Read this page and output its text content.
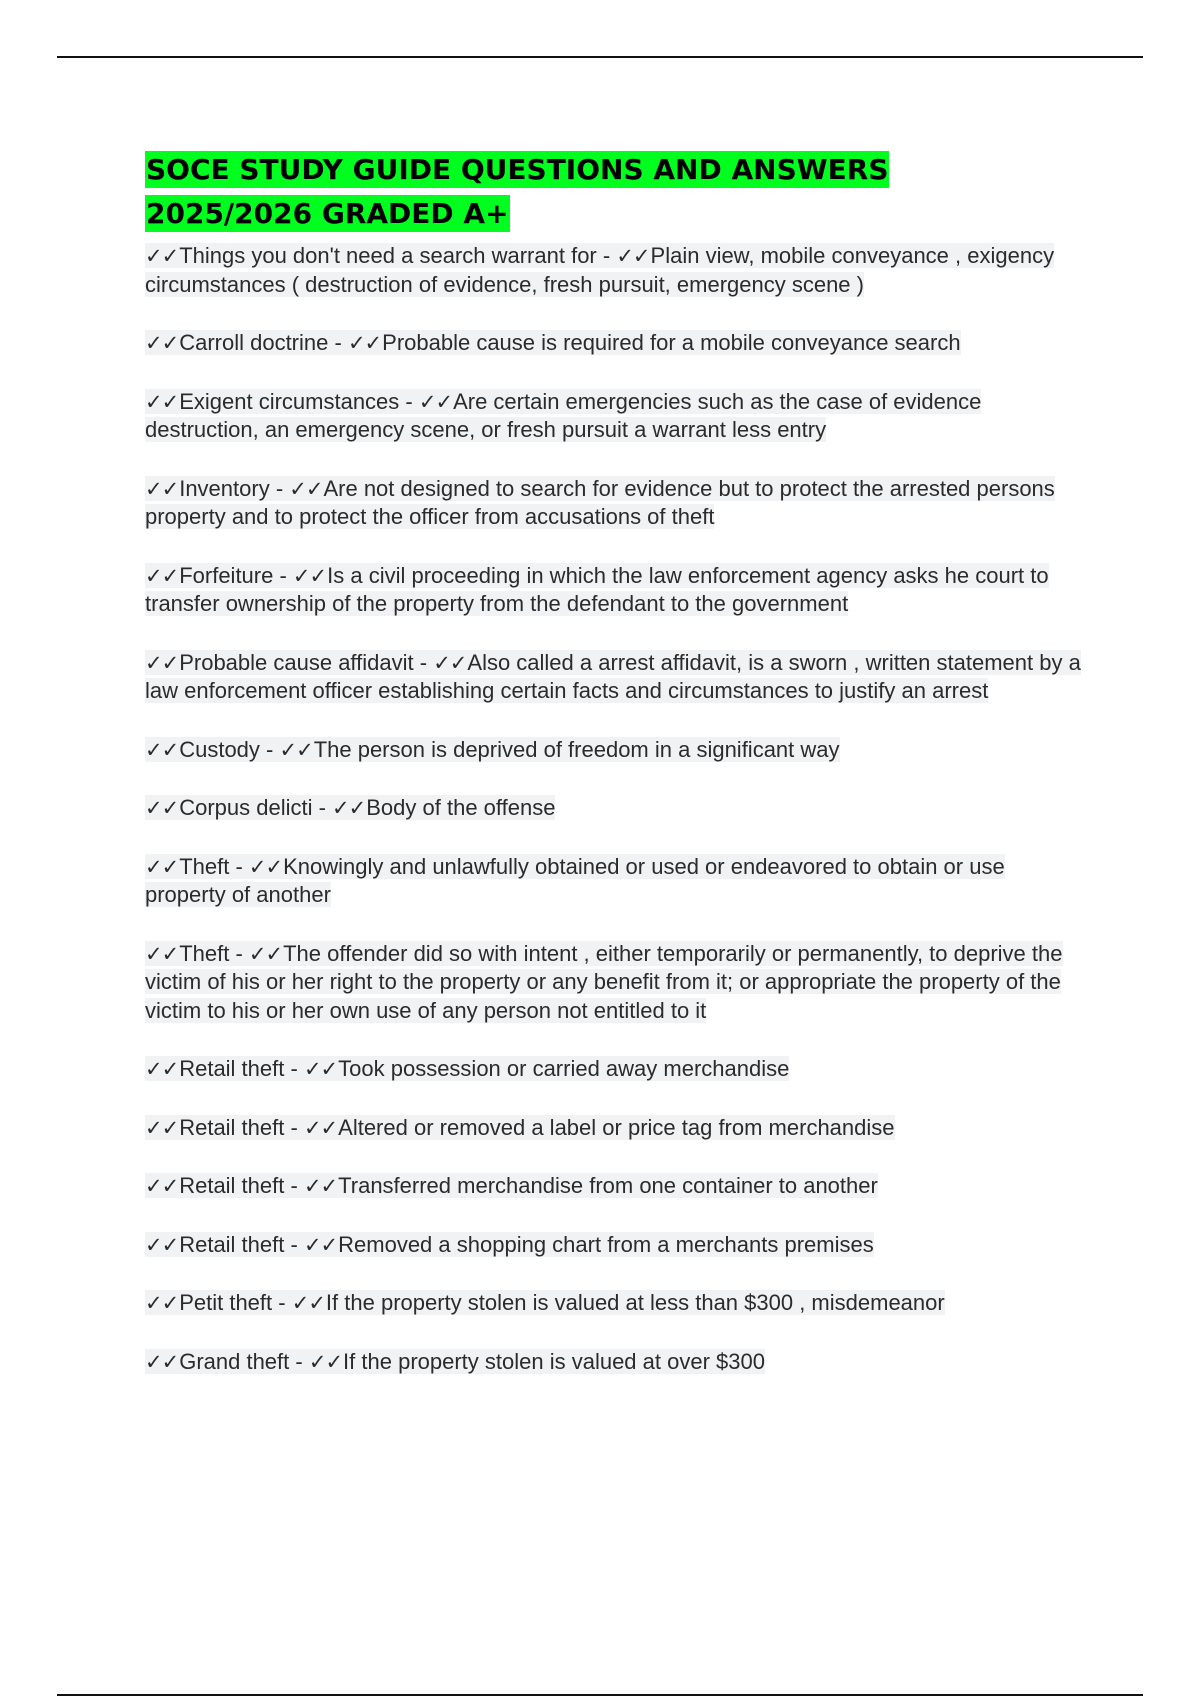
SOCE STUDY GUIDE QUESTIONS AND ANSWERS
2025/2026 GRADED A+
✓✓Things you don't need a search warrant for - ✓✓Plain view, mobile conveyance , exigency circumstances ( destruction of evidence, fresh pursuit, emergency scene )
✓✓Carroll doctrine - ✓✓Probable cause is required for a mobile conveyance search
✓✓Exigent circumstances - ✓✓Are certain emergencies such as the case of evidence destruction, an emergency scene, or fresh pursuit a warrant less entry
✓✓Inventory - ✓✓Are not designed to search for evidence but to protect the arrested persons property and to protect the officer from accusations of theft
✓✓Forfeiture - ✓✓Is a civil proceeding in which the law enforcement agency asks he court to transfer ownership of the property from the defendant to the government
✓✓Probable cause affidavit - ✓✓Also called a arrest affidavit, is a sworn , written statement by a law enforcement officer establishing certain facts and circumstances to justify an arrest
✓✓Custody - ✓✓The person is deprived of freedom in a significant way
✓✓Corpus delicti - ✓✓Body of the offense
✓✓Theft - ✓✓Knowingly and unlawfully obtained or used or endeavored to obtain or use property of another
✓✓Theft - ✓✓The offender did so with intent , either temporarily or permanently, to deprive the victim of his or her right to the property or any benefit from it; or appropriate the property of the victim to his or her own use of any person not entitled to it
✓✓Retail theft - ✓✓Took possession or carried away merchandise
✓✓Retail theft - ✓✓Altered or removed a label or price tag from merchandise
✓✓Retail theft - ✓✓Transferred merchandise from one container to another
✓✓Retail theft - ✓✓Removed a shopping chart from a merchants premises
✓✓Petit theft - ✓✓If the property stolen is valued at less than $300 , misdemeanor
✓✓Grand theft - ✓✓If the property stolen is valued at over $300
